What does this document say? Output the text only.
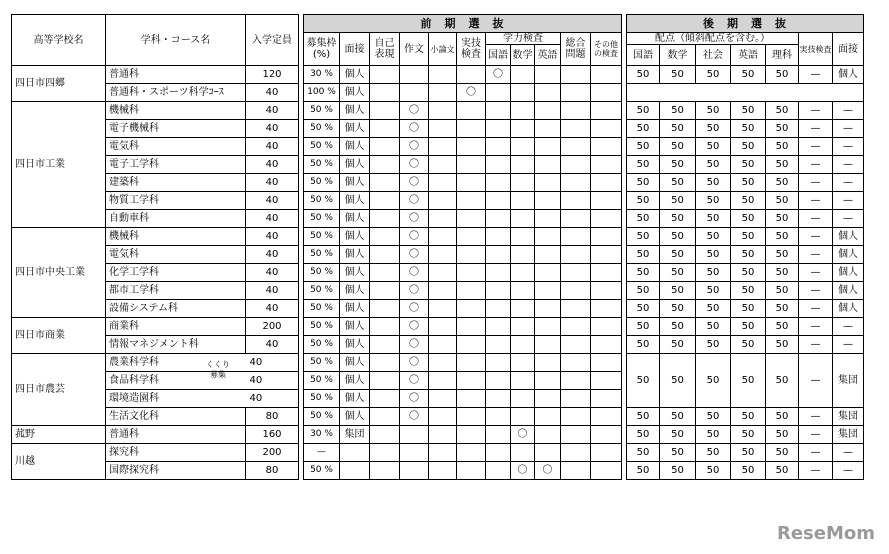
高等学校名	学科・コース名	入学定員		前　期　選　抜												後　期　選　抜						

				募集枠
(%)	面接	自己表現	作文	小論文	実技検査	学力検査			総合問題	その他の検査		配点（傾斜配点を含む。）					実技検査	面接
										国語	数学	英語				国語	数学	社会	英語	理科		
四日市四郷	普通科	120		30 %	個人					〇						50	50	50	50	50	—	個人
	普通科・スポーツ科学ｺｰｽ	40		100 %	個人				〇													
四日市工業	機械科	40		50 %	個人		〇									50	50	50	50	50	—	—
	電子機械科	40		50 %	個人		〇									50	50	50	50	50	—	—
	電気科	40		50 %	個人		〇									50	50	50	50	50	—	—
	電子工学科	40		50 %	個人		〇									50	50	50	50	50	—	—
	建築科	40		50 %	個人		〇									50	50	50	50	50	—	—
	物質工学科	40		50 %	個人		〇									50	50	50	50	50	—	—
	自動車科	40		50 %	個人		〇									50	50	50	50	50	—	—
四日市中央工業	機械科	40		50 %	個人		〇									50	50	50	50	50	—	個人
	電気科	40		50 %	個人		〇									50	50	50	50	50	—	個人
	化学工学科	40		50 %	個人		〇									50	50	50	50	50	—	個人
	都市工学科	40		50 %	個人		〇									50	50	50	50	50	—	個人
	設備システム科	40		50 %	個人		〇									50	50	50	50	50	—	個人
四日市商業	商業科	200		50 %	個人		〇									50	50	50	50	50	—	—
	情報マネジメント科	40		50 %	個人		〇									50	50	50	50	50	—	—
四日市農芸	農業科学科 くくり募集	40		50 %	個人		〇									50	50	50	50	50	—	集団
	食品科学科	40		50 %	個人		〇															
	環境造園科	40		50 %	個人		〇															
	生活文化科	80		50 %	個人		〇									50	50	50	50	50	—	集団
菰野	普通科	160		30 %	集団						〇					50	50	50	50	50	—	集団
川越	探究科	200		—												50	50	50	50	50	—	—
	国際探究科	80		50 %							〇	〇				50	50	50	50	50	—	—
ReseMom
